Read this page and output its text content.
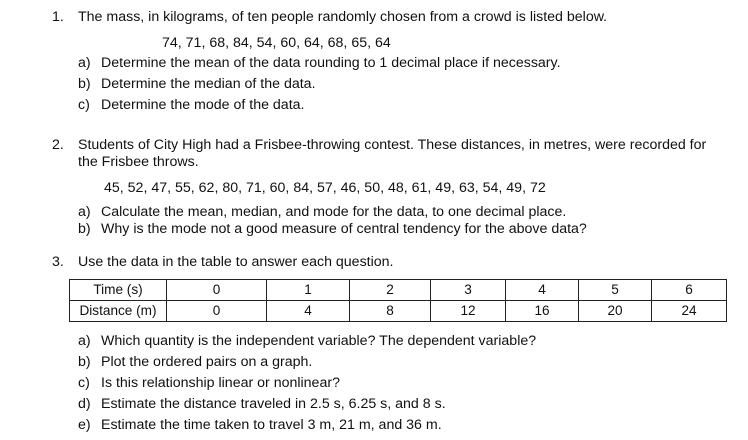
1. The mass, in kilograms, of ten people randomly chosen from a crowd is listed below.
74, 71, 68, 84, 54, 60, 64, 68, 65, 64
a) Determine the mean of the data rounding to 1 decimal place if necessary.
b) Determine the median of the data.
c) Determine the mode of the data.
2. Students of City High had a Frisbee-throwing contest. These distances, in metres, were recorded for
the Frisbee throws.
45, 52, 47, 55, 62, 80, 71, 60, 84, 57, 46, 50, 48, 61, 49, 63, 54, 49, 72
a) Calculate the mean, median, and mode for the data, to one decimal place.
b) Why is the mode not a good measure of central tendency for the above data?
3. Use the data in the table to answer each question.
Time (s)	0	1	2	3	4	5	6
Distance (m)	0	4	8	12	16	20	24
a) Which quantity is the independent variable? The dependent variable?
b) Plot the ordered pairs on a graph.
c) Is this relationship linear or nonlinear?
d) Estimate the distance traveled in 2.5 s, 6.25 s, and 8 s.
e) Estimate the time taken to travel 3 m, 21 m, and 36 m.
